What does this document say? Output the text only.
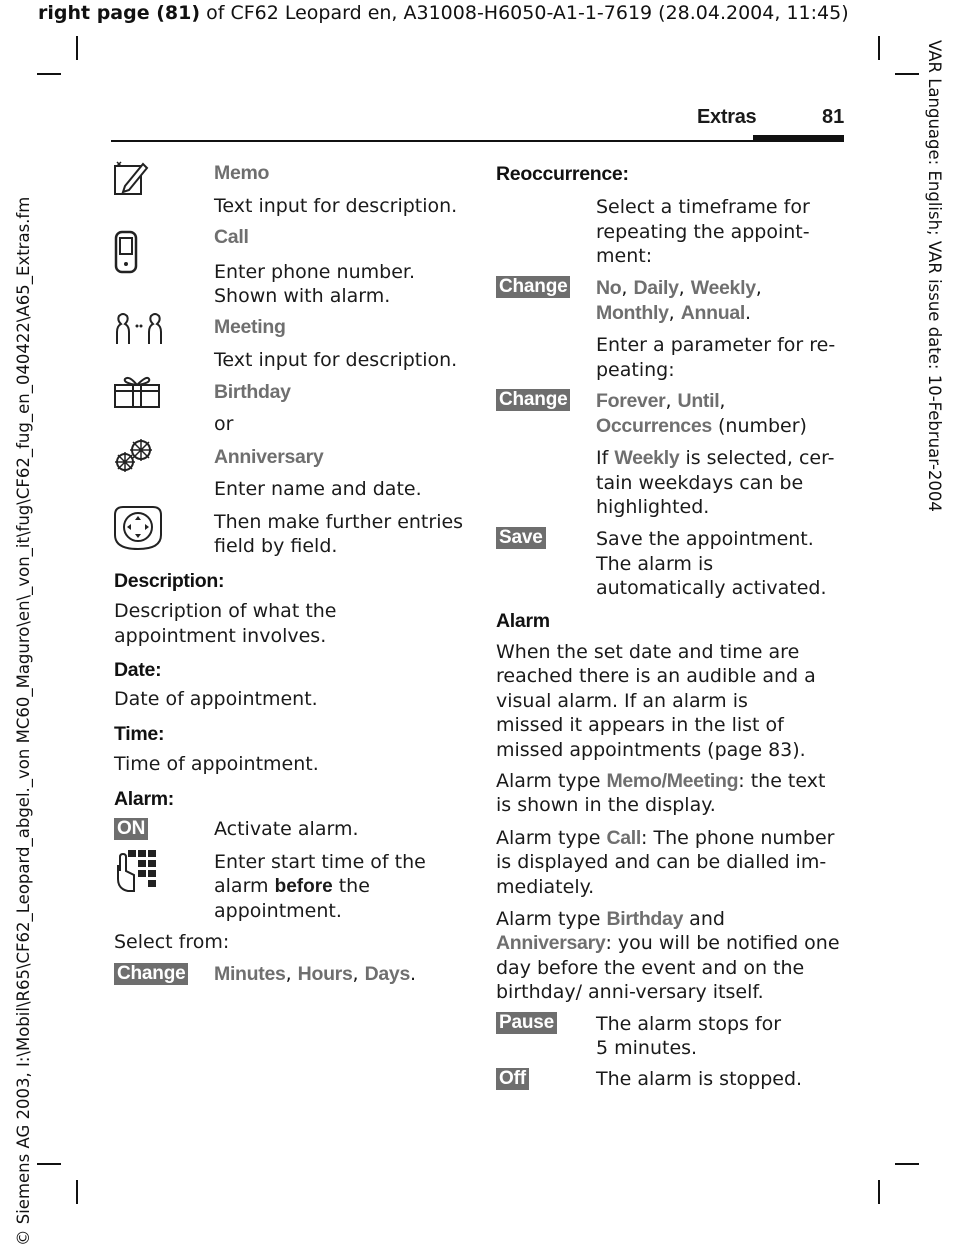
right page (81) of CF62 Leopard en, A31008-H6050-A1-1-7619 (28.04.2004, 11:45)
© Siemens AG 2003, I:\Mobil\R65\CF62_Leopard_abgel._von MC60_Maguro\en\_von_it\fug\CF62_fug_en_040422\A65_Extras.fm	VAR Language: English; VAR issue date: 10-Februar-2004
Extras	81
Memo
Text input for description.
Call
Enter phone number. Shown with alarm.
Meeting
Text input for description.
Birthday
or
Anniversary
Enter name and date.
Then make further entries field by field.
Description:
Description of what the appointment involves.
Date:
Date of appointment.
Time:
Time of appointment.
Alarm:
ON	Activate alarm.
Enter start time of the alarm before the appointment.
Select from:
Change Minutes, Hours, Days.
Reoccurrence:
Select a timeframe for repeating the appoint-ment:
Change No, Daily, Weekly, Monthly, Annual.
Enter a parameter for re-peating:
Change Forever, Until, Occurrences (number)
If Weekly is selected, cer-tain weekdays can be highlighted.
Save	Save the appointment. The alarm is automatically activated.
Alarm
When the set date and time are reached there is an audible and a visual alarm. If an alarm is missed it appears in the list of missed appointments (page 83).
Alarm type Memo/Meeting: the text is shown in the display.
Alarm type Call: The phone number is displayed and can be dialled im-mediately.
Alarm type Birthday and Anniversary: you will be notified one day before the event and on the birthday/ anni-versary itself.
Pause The alarm stops for 5 minutes.
Off	The alarm is stopped.
